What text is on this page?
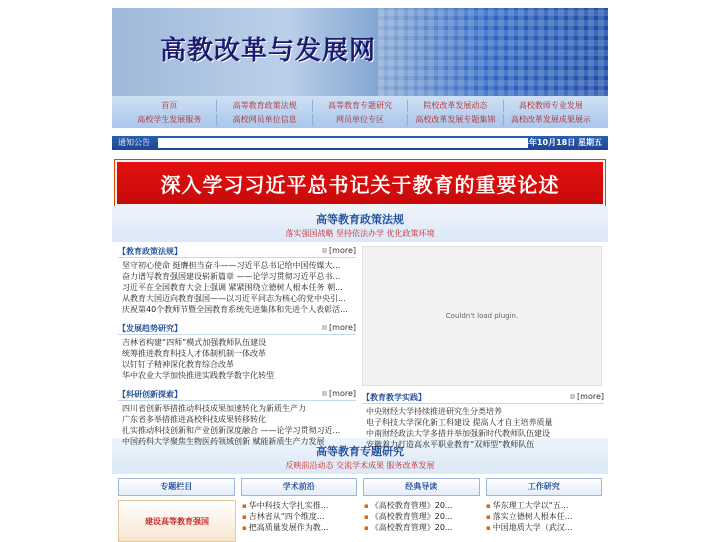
高教改革与发展网
首页	高等教育政策法规	高等教育专题研究	院校改革发展动态	高校教师专业发展
高校学生发展服务	高校网员单位信息	网员单位专区	高校改革发展专题集锦	高校改革发展成果展示
通知公告	2024年10月18日 星期五
深入学习习近平总书记关于教育的重要论述
高等教育政策法规
落实强国战略 坚持依法办学 优化政策环境
【教育政策法规】	[more]
坚守初心使命 挺膺担当奋斗——习近平总书记给中国传媒大...
奋力谱写教育强国建设崭新篇章 ——论学习贯彻习近平总书...
习近平在全国教育大会上强调 紧紧围绕立德树人根本任务 朝...
从教育大国迈向教育强国——以习近平同志为核心的党中央引...
庆祝第40个教师节暨全国教育系统先进集体和先进个人表彰活...
【发展趋势研究】	[more]
吉林省构建“四师”模式加强教师队伍建设
统筹推进教育科技人才体制机制一体改革
以钉钉子精神深化教育综合改革
华中农业大学加快推进实践教学数字化转型
【科研创新探索】	[more]
四川省创新举措推动科技成果加速转化为新质生产力
广东省多举措推进高校科技成果转移转化
扎实推动科技创新和产业创新深度融合 ——论学习贯彻习近...
中国药科大学聚焦生物医药领域创新 赋能新质生产力发展
Couldn't load plugin.
【教育教学实践】	[more]
中央财经大学持续推进研究生分类培养
电子科技大学深化新工科建设 提高人才自主培养质量
中南财经政法大学多措并举加强新时代教师队伍建设
安徽着力打造高水平职业教育“双师型”教师队伍
高等教育专题研究
反映前沿动态 交流学术成果 服务改革发展
专题栏目	学术前沿	经典导读	工作研究
建设高等教育强国
▪ 华中科技大学扎实推...
▪ 吉林省从“四个维度...
▪ 把高质量发展作为教...
▪ 《高校教育管理》20...
▪ 《高校教育管理》20...
▪ 《高校教育管理》20...
▪ 华东理工大学以“五...
▪ 落实立德树人根本任...
▪ 中国地质大学（武汉...
